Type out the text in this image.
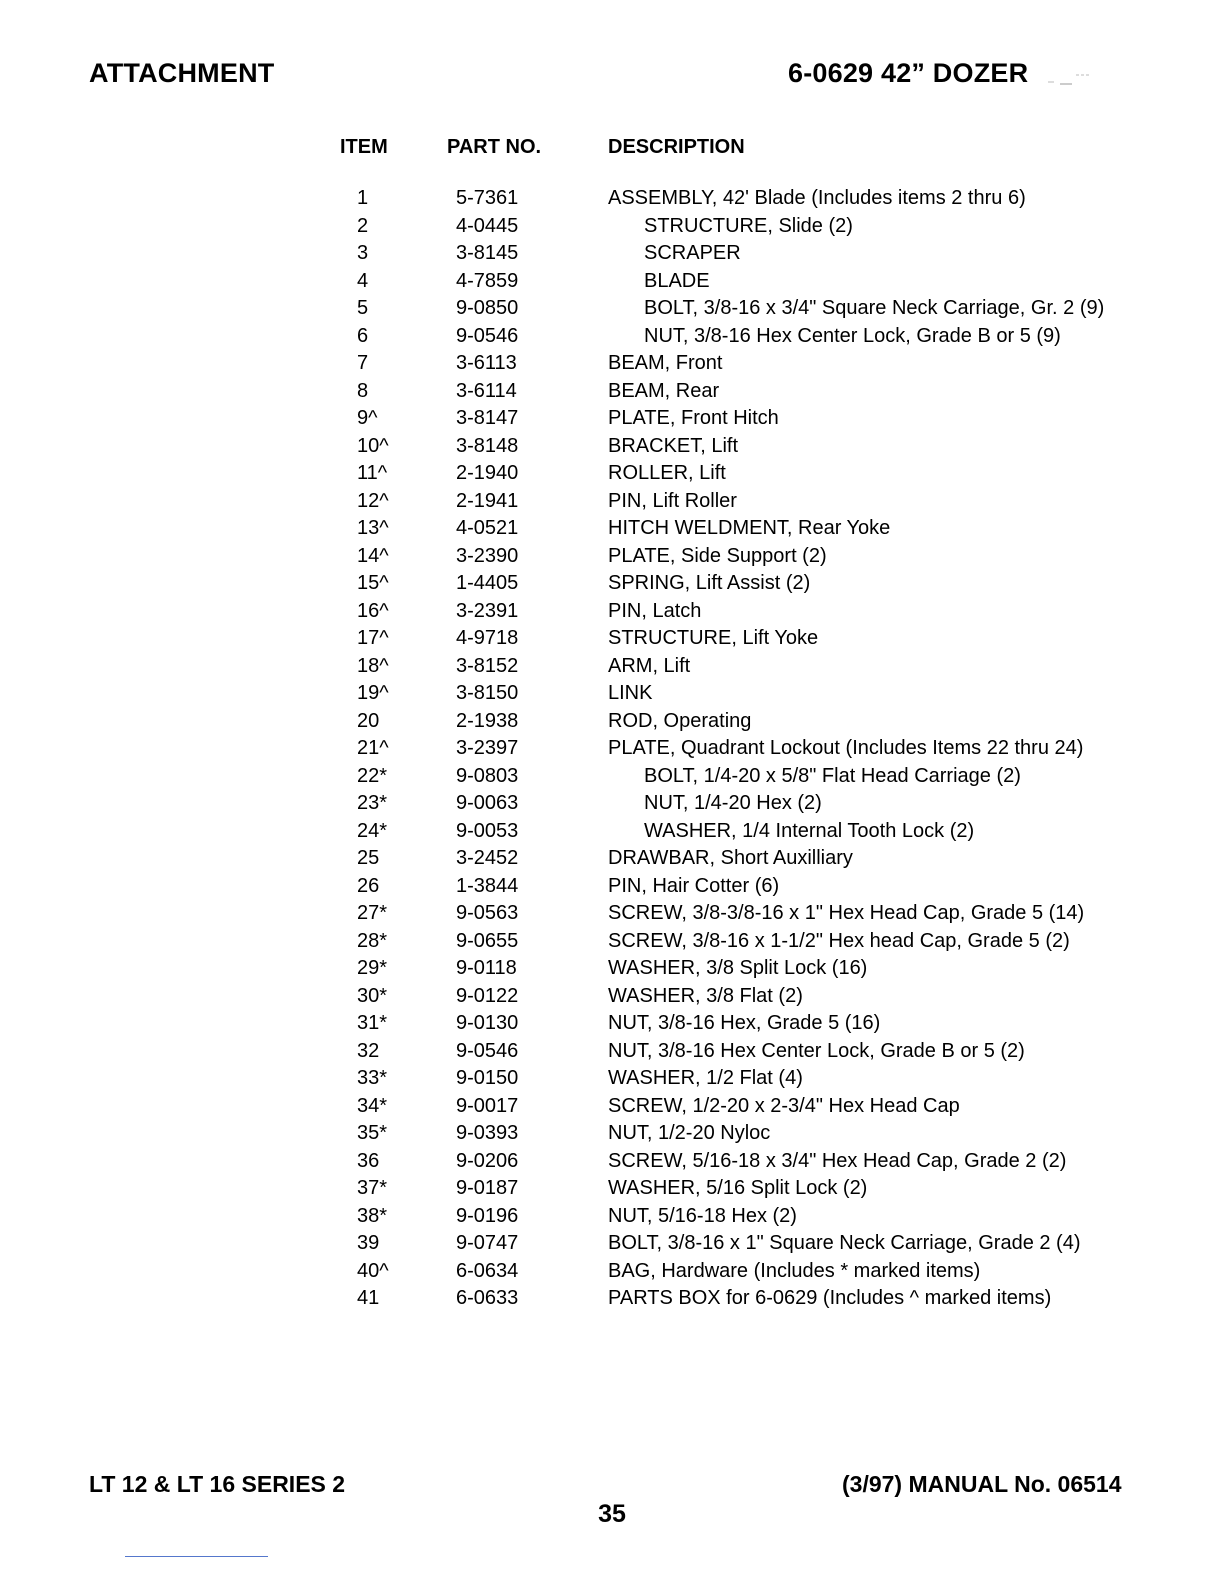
ATTACHMENT	6-0629 42” DOZER
ITEM	PART NO.	DESCRIPTION
1	5-7361	ASSEMBLY, 42' Blade (Includes items 2 thru 6)
2	4-0445	STRUCTURE, Slide (2)
3	3-8145	SCRAPER
4	4-7859	BLADE
5	9-0850	BOLT, 3/8-16 x 3/4" Square Neck Carriage, Gr. 2 (9)
6	9-0546	NUT, 3/8-16 Hex Center Lock, Grade B or 5 (9)
7	3-6113	BEAM, Front
8	3-6114	BEAM, Rear
9^	3-8147	PLATE, Front Hitch
10^	3-8148	BRACKET, Lift
11^	2-1940	ROLLER, Lift
12^	2-1941	PIN, Lift Roller
13^	4-0521	HITCH WELDMENT, Rear Yoke
14^	3-2390	PLATE, Side Support (2)
15^	1-4405	SPRING, Lift Assist (2)
16^	3-2391	PIN, Latch
17^	4-9718	STRUCTURE, Lift Yoke
18^	3-8152	ARM, Lift
19^	3-8150	LINK
20	2-1938	ROD, Operating
21^	3-2397	PLATE, Quadrant Lockout (Includes Items 22 thru 24)
22*	9-0803	BOLT, 1/4-20 x 5/8" Flat Head Carriage (2)
23*	9-0063	NUT, 1/4-20 Hex (2)
24*	9-0053	WASHER, 1/4 Internal Tooth Lock (2)
25	3-2452	DRAWBAR, Short Auxilliary
26	1-3844	PIN, Hair Cotter (6)
27*	9-0563	SCREW, 3/8-3/8-16 x 1" Hex Head Cap, Grade 5 (14)
28*	9-0655	SCREW, 3/8-16 x 1-1/2" Hex head Cap, Grade 5 (2)
29*	9-0118	WASHER, 3/8 Split Lock (16)
30*	9-0122	WASHER, 3/8 Flat (2)
31*	9-0130	NUT, 3/8-16 Hex, Grade 5 (16)
32	9-0546	NUT, 3/8-16 Hex Center Lock, Grade B or 5 (2)
33*	9-0150	WASHER, 1/2 Flat (4)
34*	9-0017	SCREW, 1/2-20 x 2-3/4" Hex Head Cap
35*	9-0393	NUT, 1/2-20 Nyloc
36	9-0206	SCREW, 5/16-18 x 3/4" Hex Head Cap, Grade 2 (2)
37*	9-0187	WASHER, 5/16 Split Lock (2)
38*	9-0196	NUT, 5/16-18 Hex (2)
39	9-0747	BOLT, 3/8-16 x 1" Square Neck Carriage, Grade 2 (4)
40^	6-0634	BAG, Hardware (Includes * marked items)
41	6-0633	PARTS BOX for 6-0629 (Includes ^ marked items)
LT 12 & LT 16 SERIES 2	(3/97) MANUAL No. 06514
35
